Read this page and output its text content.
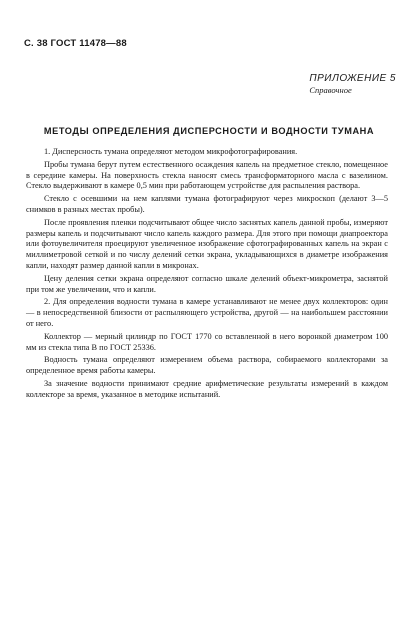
С. 38 ГОСТ 11478—88
ПРИЛОЖЕНИЕ 5
Справочное
МЕТОДЫ ОПРЕДЕЛЕНИЯ ДИСПЕРСНОСТИ И ВОДНОСТИ ТУМАНА

1. Дисперсность тумана определяют методом микрофотографирования.

Пробы тумана берут путем естественного осаждения капель на предметное стекло, помещенное в середине камеры. На поверхность стекла наносят смесь трансформаторного масла с вазелином. Стекло выдерживают в камере 0,5 мин при работающем устройстве для распыления раствора.

Стекло с осевшими на нем каплями тумана фотографируют через микроскоп (делают 3—5 снимков в разных местах пробы).

После проявления пленки подсчитывают общее число заснятых капель данной пробы, измеряют размеры капель и подсчитывают число капель каждого размера. Для этого при помощи диапроектора или фотоувеличителя проецируют увеличенное изображение сфотографированных капель на экран с миллиметровой сеткой и по числу делений сетки экрана, укладывающихся в диаметре изображения капли, находят размер данной капли в микронах.

Цену деления сетки экрана определяют согласно шкале делений объект-микрометра, заснятой при том же увеличении, что и капли.

2. Для определения водности тумана в камере устанавливают не менее двух коллекторов: один — в непосредственной близости от распыляющего устройства, другой — на наибольшем расстоянии от него.

Коллектор — мерный цилиндр по ГОСТ 1770 со вставленной в него воронкой диаметром 100 мм из стекла типа В по ГОСТ 25336.

Водность тумана определяют измерением объема раствора, собираемого коллекторами за определенное время работы камеры.

За значение водности принимают средние арифметические результаты измерений в каждом коллекторе за время, указанное в методике испытаний.
